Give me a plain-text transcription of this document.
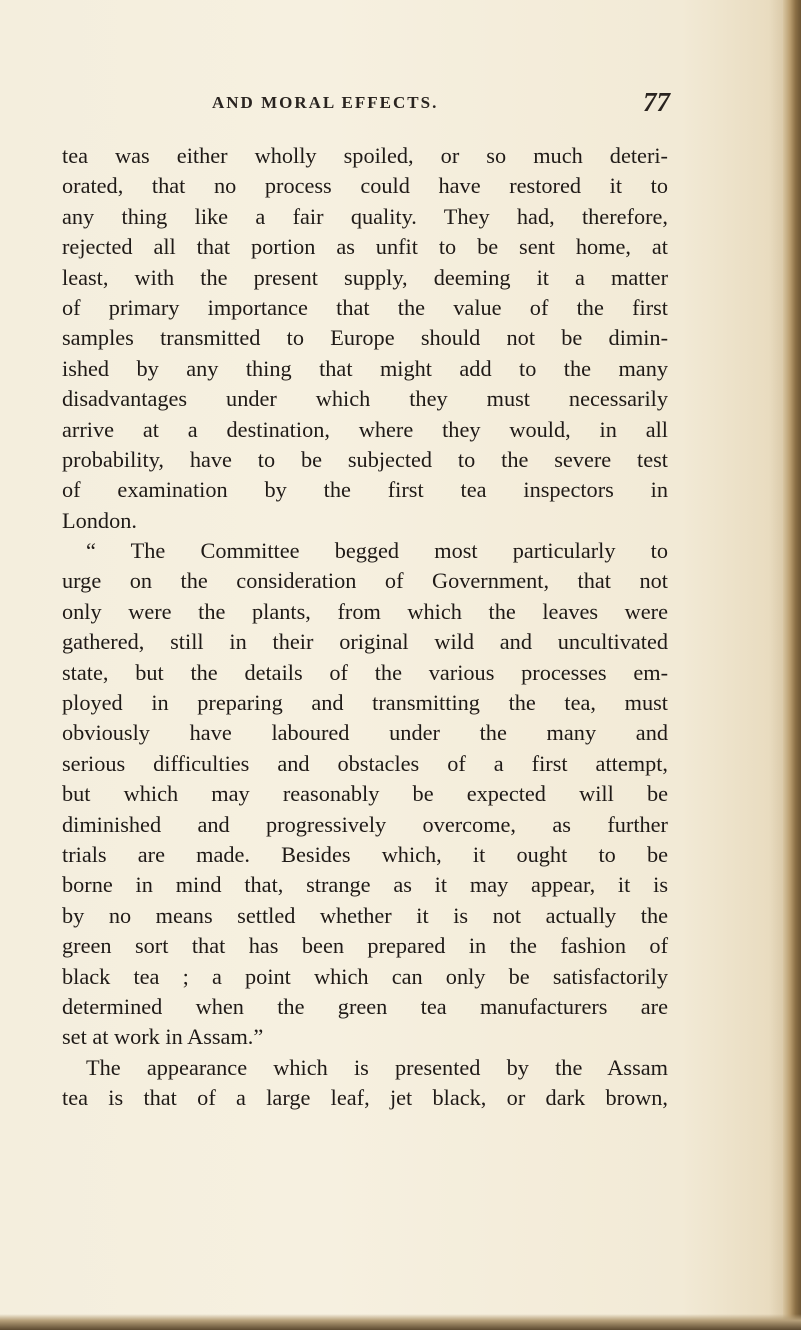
AND MORAL EFFECTS.	77
tea was either wholly spoiled, or so much deteri-
orated, that no process could have restored it to
any thing like a fair quality. They had, therefore,
rejected all that portion as unfit to be sent home, at
least, with the present supply, deeming it a matter
of primary importance that the value of the first
samples transmitted to Europe should not be dimin-
ished by any thing that might add to the many
disadvantages under which they must necessarily
arrive at a destination, where they would, in all
probability, have to be subjected to the severe test
of examination by the first tea inspectors in
London.
“ The Committee begged most particularly to
urge on the consideration of Government, that not
only were the plants, from which the leaves were
gathered, still in their original wild and uncultivated
state, but the details of the various processes em-
ployed in preparing and transmitting the tea, must
obviously have laboured under the many and
serious difficulties and obstacles of a first attempt,
but which may reasonably be expected will be
diminished and progressively overcome, as further
trials are made. Besides which, it ought to be
borne in mind that, strange as it may appear, it is
by no means settled whether it is not actually the
green sort that has been prepared in the fashion of
black tea ; a point which can only be satisfactorily
determined when the green tea manufacturers are
set at work in Assam.”
The appearance which is presented by the Assam
tea is that of a large leaf, jet black, or dark brown,
